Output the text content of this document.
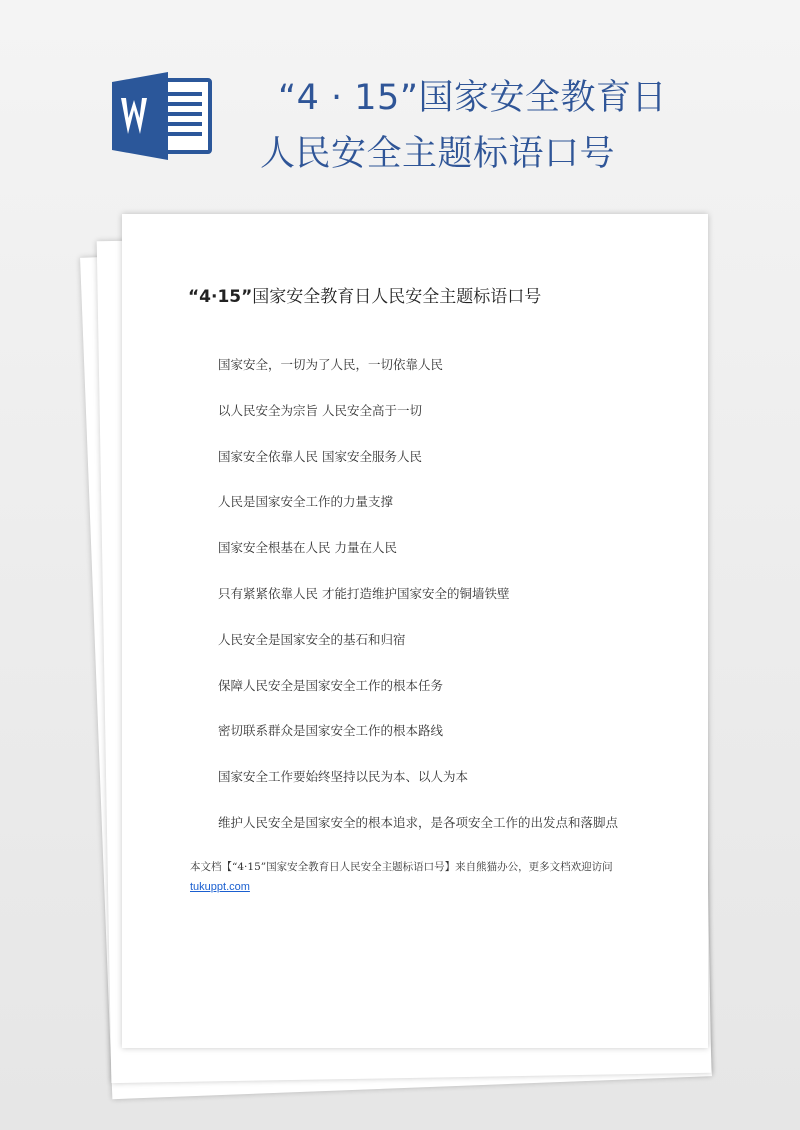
“4 · 15”国家安全教育日
人民安全主题标语口号
“4·15”国家安全教育日人民安全主题标语口号
国家安全，一切为了人民，一切依靠人民
以人民安全为宗旨 人民安全高于一切
国家安全依靠人民 国家安全服务人民
人民是国家安全工作的力量支撑
国家安全根基在人民 力量在人民
只有紧紧依靠人民 才能打造维护国家安全的铜墙铁壁
人民安全是国家安全的基石和归宿
保障人民安全是国家安全工作的根本任务
密切联系群众是国家安全工作的根本路线
国家安全工作要始终坚持以民为本、以人为本
维护人民安全是国家安全的根本追求，是各项安全工作的出发点和落脚点
本文档【“4·15”国家安全教育日人民安全主题标语口号】来自熊猫办公，更多文档欢迎访问
tukuppt.com
